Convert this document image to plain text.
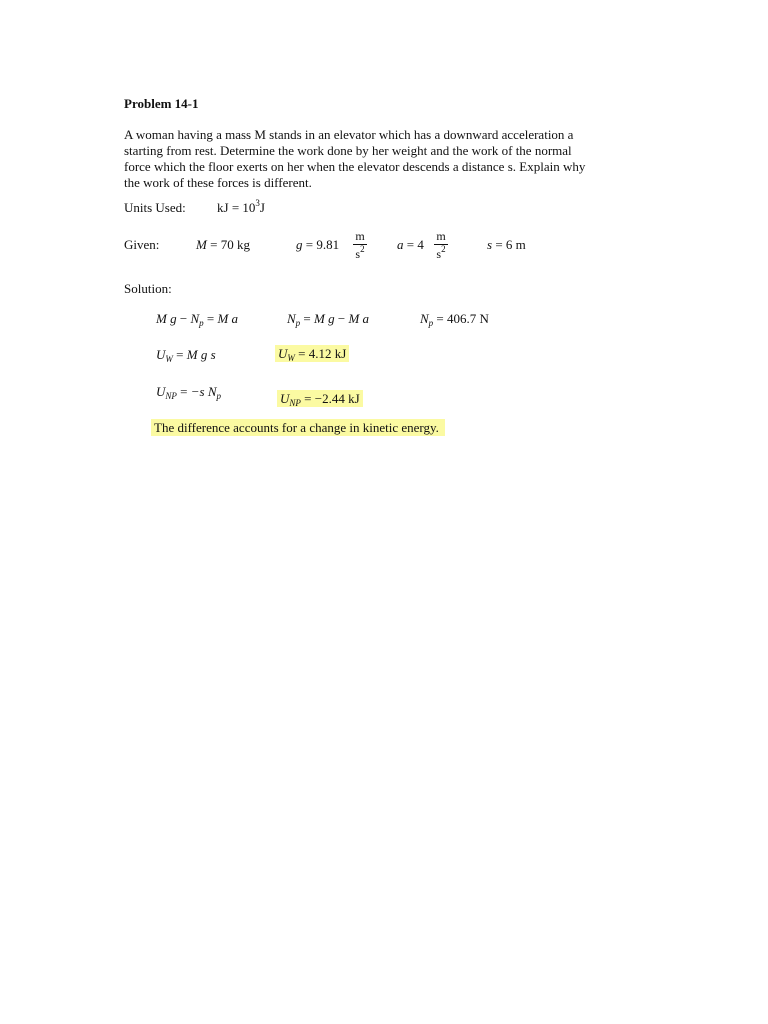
Problem 14-1
A woman having a mass M stands in an elevator which has a downward acceleration a
starting from rest. Determine the work done by her weight and the work of the normal
force which the floor exerts on her when the elevator descends a distance s. Explain why
the work of these forces is different.
Units Used: kJ = $10^3J$
Given:	M = 70 kg	g = 9.81
m
$s^2$ a = 4
m
$s^2$	s = 6 m
Solution:
M $g - N_p = M$ a	$N_p = M$ g − M a	$N_p = 406.7$ N
$U_W = M$ g s	$U_W = 4.12$ kJ
$U_{NP} = -s$ $N_p$	$U_{NP} = -2.44$ kJ
The difference accounts for a change in kinetic energy.
